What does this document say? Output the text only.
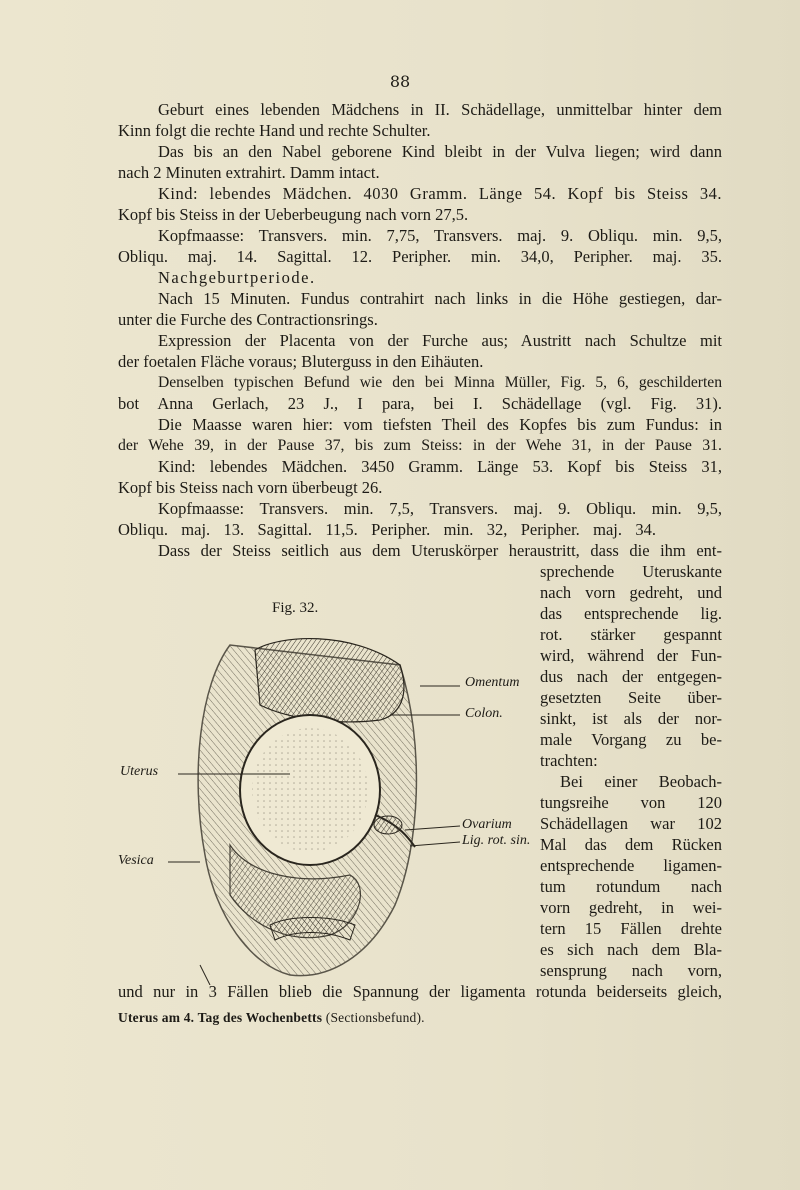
88
Geburt eines lebenden Mädchens in II. Schädellage, unmittelbar hinter dem
Kinn folgt die rechte Hand und rechte Schulter.
Das bis an den Nabel geborene Kind bleibt in der Vulva liegen; wird dann
nach 2 Minuten extrahirt. Damm intact.
Kind: lebendes Mädchen. 4030 Gramm. Länge 54. Kopf bis Steiss 34.
Kopf bis Steiss in der Ueberbeugung nach vorn 27,5.
Kopfmaasse: Transvers. min. 7,75, Transvers. maj. 9. Obliqu. min. 9,5,
Obliqu. maj. 14. Sagittal. 12. Peripher. min. 34,0, Peripher. maj. 35.
Nachgeburtperiode.
Nach 15 Minuten. Fundus contrahirt nach links in die Höhe gestiegen, dar-
unter die Furche des Contractionsrings.
Expression der Placenta von der Furche aus; Austritt nach Schultze mit
der foetalen Fläche voraus; Bluterguss in den Eihäuten.
Denselben typischen Befund wie den bei Minna Müller, Fig. 5, 6, geschilderten
bot Anna Gerlach, 23 J., I para, bei I. Schädellage (vgl. Fig. 31).
Die Maasse waren hier: vom tiefsten Theil des Kopfes bis zum Fundus: in
der Wehe 39, in der Pause 37, bis zum Steiss: in der Wehe 31, in der Pause 31.
Kind: lebendes Mädchen. 3450 Gramm. Länge 53. Kopf bis Steiss 31,
Kopf bis Steiss nach vorn überbeugt 26.
Kopfmaasse: Transvers. min. 7,5, Transvers. maj. 9. Obliqu. min. 9,5,
Obliqu. maj. 13. Sagittal. 11,5. Peripher. min. 32, Peripher. maj. 34.
Dass der Steiss seitlich aus dem Uteruskörper heraustritt, dass die ihm ent-
sprechende Uteruskante
nach vorn gedreht, und
das entsprechende lig.
rot. stärker gespannt
wird, während der Fun-
dus nach der entgegen-
gesetzten Seite über-
sinkt, ist als der nor-
male Vorgang zu be-
trachten:
Bei einer Beobach-
tungsreihe von 120
Schädellagen war 102
Mal das dem Rücken
entsprechende ligamen-
tum rotundum nach
vorn gedreht, in wei-
tern 15 Fällen drehte
es sich nach dem Bla-
sensprung nach vorn,
Fig. 32.
Omentum
Colon.
Uterus
Ovarium
Lig. rot. sin.
Vesica
Uterus am 4. Tag des Wochenbetts (Sectionsbefund).
und nur in 3 Fällen blieb die Spannung der ligamenta rotunda beiderseits gleich,
